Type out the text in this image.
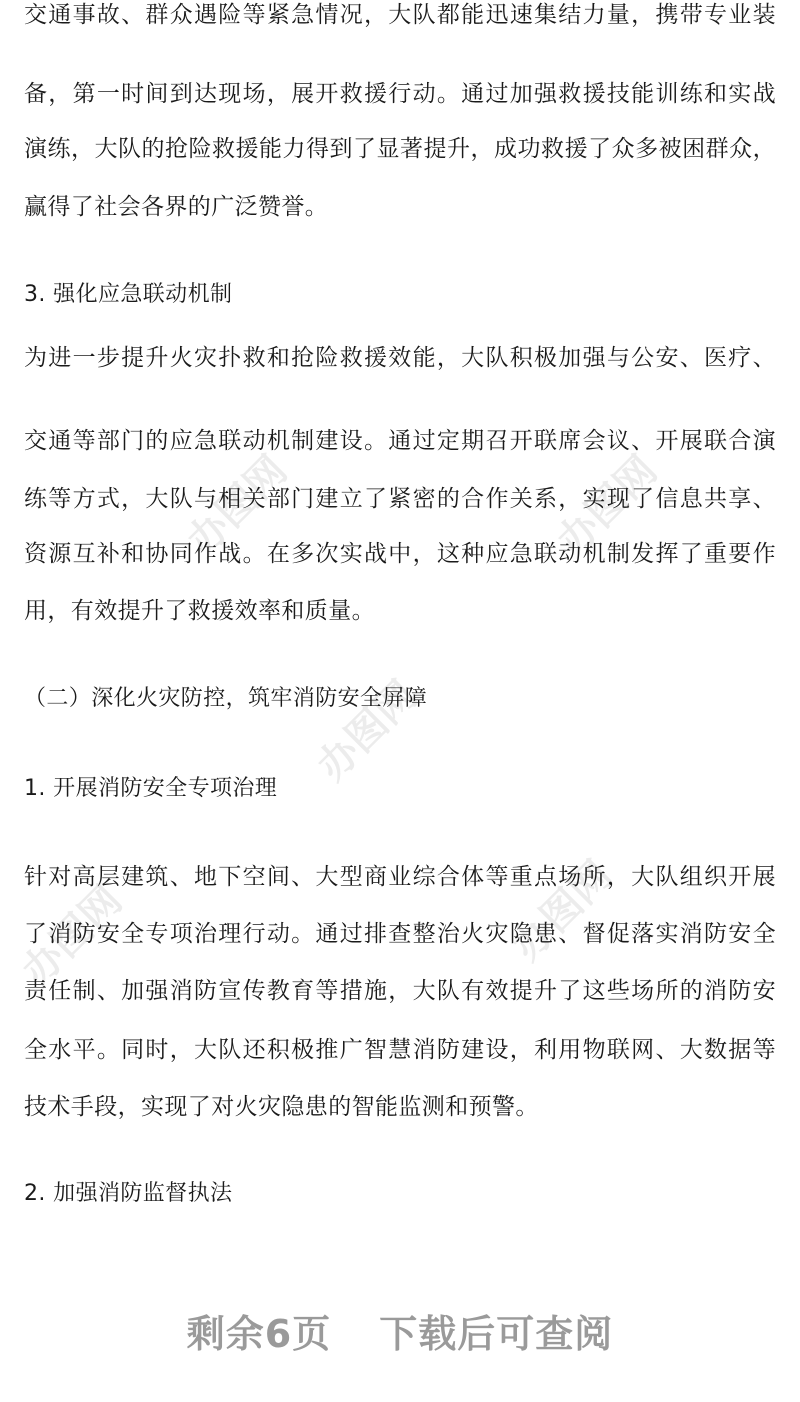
办图网	办图网
办图网
办图网	办图网
交通事故、群众遇险等紧急情况，大队都能迅速集结力量，携带专业装
备，第一时间到达现场，展开救援行动。通过加强救援技能训练和实战
演练，大队的抢险救援能力得到了显著提升，成功救援了众多被困群众，
赢得了社会各界的广泛赞誉。
3. 强化应急联动机制
为进一步提升火灾扑救和抢险救援效能，大队积极加强与公安、医疗、
交通等部门的应急联动机制建设。通过定期召开联席会议、开展联合演
练等方式，大队与相关部门建立了紧密的合作关系，实现了信息共享、
资源互补和协同作战。在多次实战中，这种应急联动机制发挥了重要作
用，有效提升了救援效率和质量。
（二）深化火灾防控，筑牢消防安全屏障
1. 开展消防安全专项治理
针对高层建筑、地下空间、大型商业综合体等重点场所，大队组织开展
了消防安全专项治理行动。通过排查整治火灾隐患、督促落实消防安全
责任制、加强消防宣传教育等措施，大队有效提升了这些场所的消防安
全水平。同时，大队还积极推广智慧消防建设，利用物联网、大数据等
技术手段，实现了对火灾隐患的智能监测和预警。
2. 加强消防监督执法
剩余6页 下载后可查阅
